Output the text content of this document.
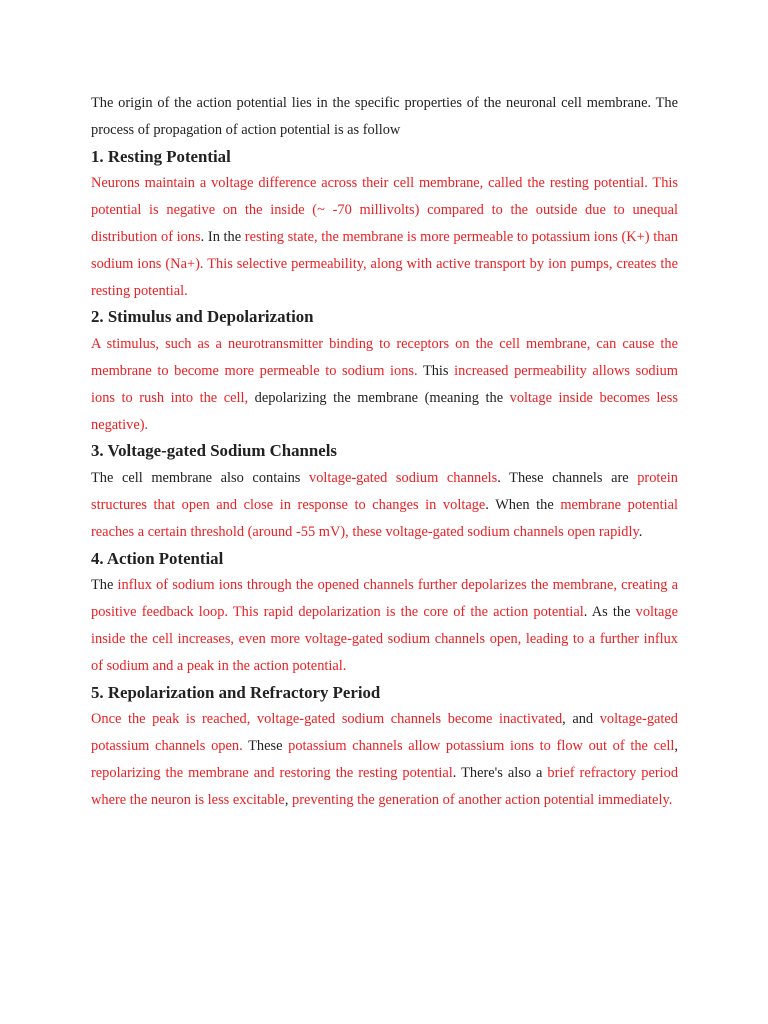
The origin of the action potential lies in the specific properties of the neuronal cell membrane. The process of propagation of action potential is as follow

1. Resting Potential

Neurons maintain a voltage difference across their cell membrane, called the resting potential. This potential is negative on the inside (~ -70 millivolts) compared to the outside due to unequal distribution of ions. In the resting state, the membrane is more permeable to potassium ions (K+) than sodium ions (Na+). This selective permeability, along with active transport by ion pumps, creates the resting potential.

2. Stimulus and Depolarization

A stimulus, such as a neurotransmitter binding to receptors on the cell membrane, can cause the membrane to become more permeable to sodium ions. This increased permeability allows sodium ions to rush into the cell, depolarizing the membrane (meaning the voltage inside becomes less negative).

3. Voltage-gated Sodium Channels

The cell membrane also contains voltage-gated sodium channels. These channels are protein structures that open and close in response to changes in voltage. When the membrane potential reaches a certain threshold (around -55 mV), these voltage-gated sodium channels open rapidly.

4. Action Potential

The influx of sodium ions through the opened channels further depolarizes the membrane, creating a positive feedback loop. This rapid depolarization is the core of the action potential. As the voltage inside the cell increases, even more voltage-gated sodium channels open, leading to a further influx of sodium and a peak in the action potential.

5. Repolarization and Refractory Period

Once the peak is reached, voltage-gated sodium channels become inactivated, and voltage-gated potassium channels open. These potassium channels allow potassium ions to flow out of the cell, repolarizing the membrane and restoring the resting potential. There's also a brief refractory period where the neuron is less excitable, preventing the generation of another action potential immediately.
